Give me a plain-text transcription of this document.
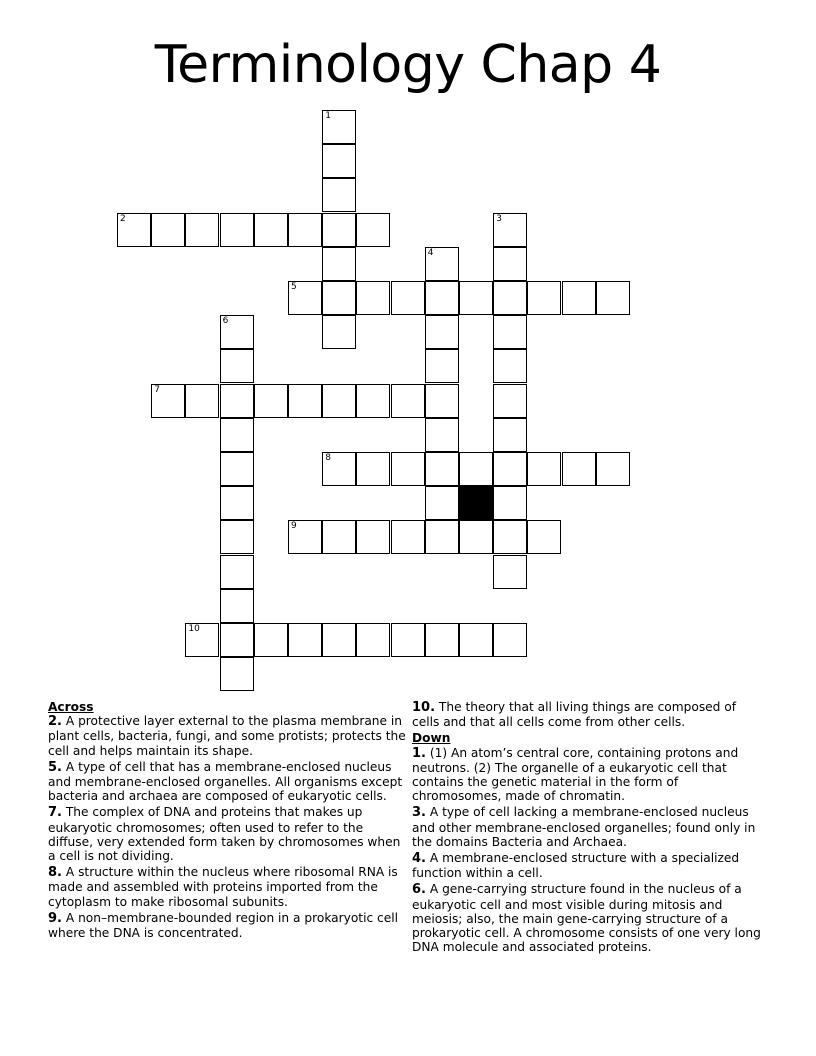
Terminology Chap 4
1
2	3
4
5
6
7
8
9
10
Across
2. A protective layer external to the plasma membrane in plant cells, bacteria, fungi, and some protists; protects the cell and helps maintain its shape.
5. A type of cell that has a membrane-enclosed nucleus and membrane-enclosed organelles. All organisms except bacteria and archaea are composed of eukaryotic cells.
7. The complex of DNA and proteins that makes up eukaryotic chromosomes; often used to refer to the diffuse, very extended form taken by chromosomes when a cell is not dividing.
8. A structure within the nucleus where ribosomal RNA is made and assembled with proteins imported from the cytoplasm to make ribosomal subunits.
9. A non–membrane-bounded region in a prokaryotic cell where the DNA is concentrated.
10. The theory that all living things are composed of cells and that all cells come from other cells.
Down
1. (1) An atom’s central core, containing protons and neutrons. (2) The organelle of a eukaryotic cell that contains the genetic material in the form of chromosomes, made of chromatin.
3. A type of cell lacking a membrane-enclosed nucleus and other membrane-enclosed organelles; found only in the domains Bacteria and Archaea.
4. A membrane-enclosed structure with a specialized function within a cell.
6. A gene-carrying structure found in the nucleus of a eukaryotic cell and most visible during mitosis and meiosis; also, the main gene-carrying structure of a prokaryotic cell. A chromosome consists of one very long DNA molecule and associated proteins.
